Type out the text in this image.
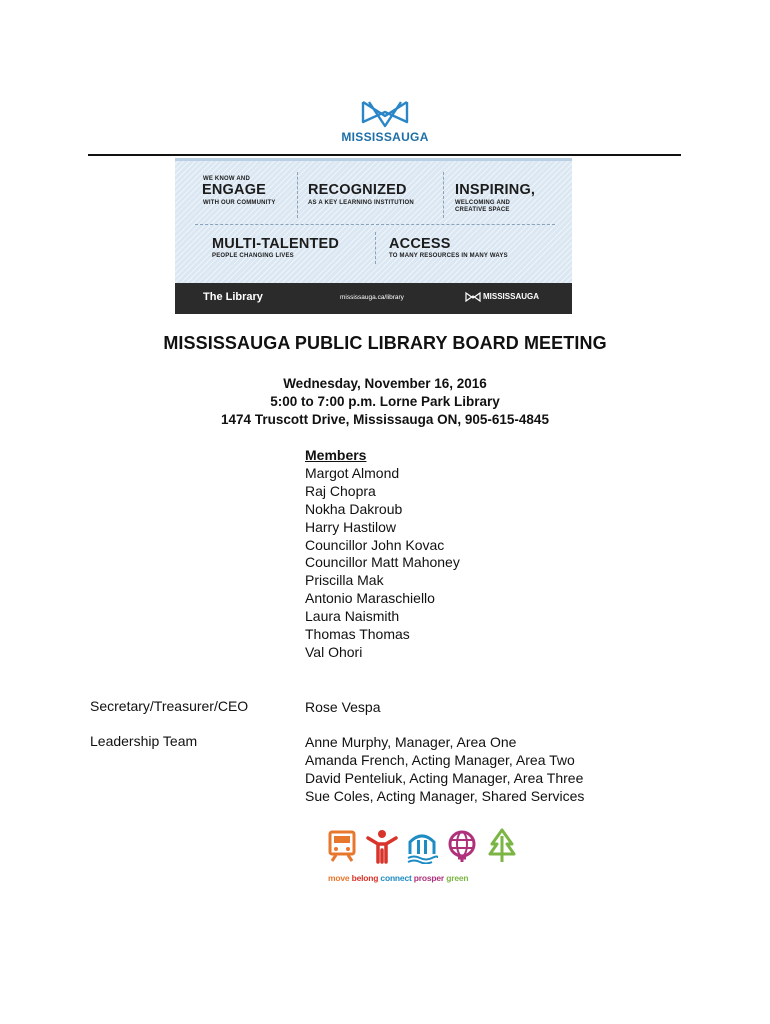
MISSISSAUGA
WE KNOW AND
ENGAGE
WITH OUR COMMUNITY
RECOGNIZED
AS A KEY LEARNING INSTITUTION
INSPIRING,
WELCOMING AND
CREATIVE SPACE
MULTI-TALENTED
PEOPLE CHANGING LIVES
ACCESS
TO MANY RESOURCES IN MANY WAYS
The Library	mississauga.ca/library	MISSISSAUGA
MISSISSAUGA PUBLIC LIBRARY BOARD MEETING
Wednesday, November 16, 2016
5:00 to 7:00 p.m. Lorne Park Library
1474 Truscott Drive, Mississauga ON, 905-615-4845
Members
Margot Almond
Raj Chopra
Nokha Dakroub
Harry Hastilow
Councillor John Kovac
Councillor Matt Mahoney
Priscilla Mak
Antonio Maraschiello
Laura Naismith
Thomas Thomas
Val Ohori
Secretary/Treasurer/CEO	Rose Vespa
Leadership Team	Anne Murphy, Manager, Area One
Amanda French, Acting Manager, Area Two
David Penteliuk, Acting Manager, Area Three
Sue Coles, Acting Manager, Shared Services
move belong connect prosper green
